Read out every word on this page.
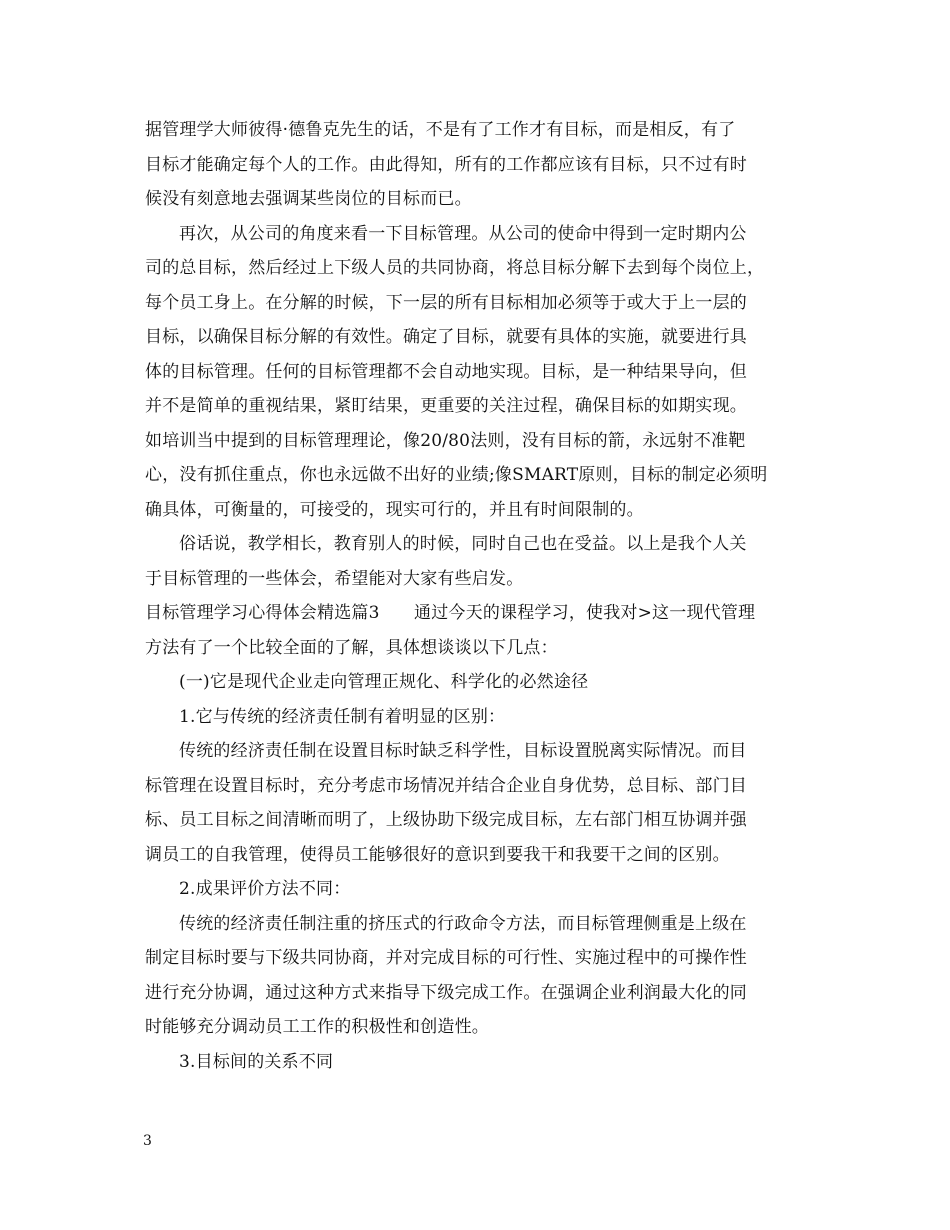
据管理学大师彼得·德鲁克先生的话，不是有了工作才有目标，而是相反，有了
目标才能确定每个人的工作。由此得知，所有的工作都应该有目标，只不过有时
候没有刻意地去强调某些岗位的目标而已。
再次，从公司的角度来看一下目标管理。从公司的使命中得到一定时期内公
司的总目标，然后经过上下级人员的共同协商，将总目标分解下去到每个岗位上，
每个员工身上。在分解的时候，下一层的所有目标相加必须等于或大于上一层的
目标，以确保目标分解的有效性。确定了目标，就要有具体的实施，就要进行具
体的目标管理。任何的目标管理都不会自动地实现。目标，是一种结果导向，但
并不是简单的重视结果，紧盯结果，更重要的关注过程，确保目标的如期实现。
如培训当中提到的目标管理理论，像20/80法则，没有目标的箭，永远射不准靶
心，没有抓住重点，你也永远做不出好的业绩;像SMART原则，目标的制定必须明
确具体，可衡量的，可接受的，现实可行的，并且有时间限制的。
俗话说，教学相长，教育别人的时候，同时自己也在受益。以上是我个人关
于目标管理的一些体会，希望能对大家有些启发。
目标管理学习心得体会精选篇3　　通过今天的课程学习，使我对>这一现代管理
方法有了一个比较全面的了解，具体想谈谈以下几点：
(一)它是现代企业走向管理正规化、科学化的必然途径
1.它与传统的经济责任制有着明显的区别：
传统的经济责任制在设置目标时缺乏科学性，目标设置脱离实际情况。而目
标管理在设置目标时，充分考虑市场情况并结合企业自身优势，总目标、部门目
标、员工目标之间清晰而明了，上级协助下级完成目标，左右部门相互协调并强
调员工的自我管理，使得员工能够很好的意识到要我干和我要干之间的区别。
2.成果评价方法不同：
传统的经济责任制注重的挤压式的行政命令方法，而目标管理侧重是上级在
制定目标时要与下级共同协商，并对完成目标的可行性、实施过程中的可操作性
进行充分协调，通过这种方式来指导下级完成工作。在强调企业利润最大化的同
时能够充分调动员工工作的积极性和创造性。
3.目标间的关系不同
3
